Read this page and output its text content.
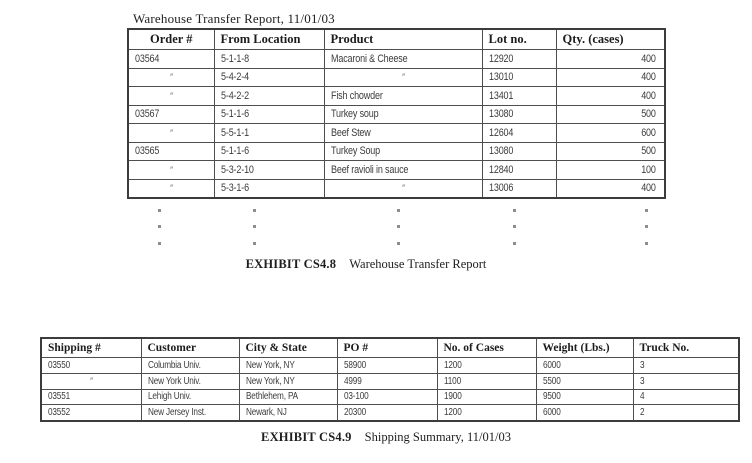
Warehouse Transfer Report, 11/01/03
Order #	From Location	Product	Lot no.	Qty. (cases)
03564	5-1-1-8	Macaroni & Cheese	12920	400
″	5-4-2-4	″	13010	400
″	5-4-2-2	Fish chowder	13401	400
03567	5-1-1-6	Turkey soup	13080	500
″	5-5-1-1	Beef Stew	12604	600
03565	5-1-1-6	Turkey Soup	13080	500
″	5-3-2-10	Beef ravioli in sauce	12840	100
″	5-3-1-6	″	13006	400
EXHIBIT CS4.8 Warehouse Transfer Report
Shipping #	Customer	City & State	PO #	No. of Cases	Weight (Lbs.)	Truck No.
03550	Columbia Univ.	New York, NY	58900	1200	6000	3
″	New York Univ.	New York, NY	4999	1100	5500	3
03551	Lehigh Univ.	Bethlehem, PA	03-100	1900	9500	4
03552	New Jersey Inst.	Newark, NJ	20300	1200	6000	2
EXHIBIT CS4.9 Shipping Summary, 11/01/03
